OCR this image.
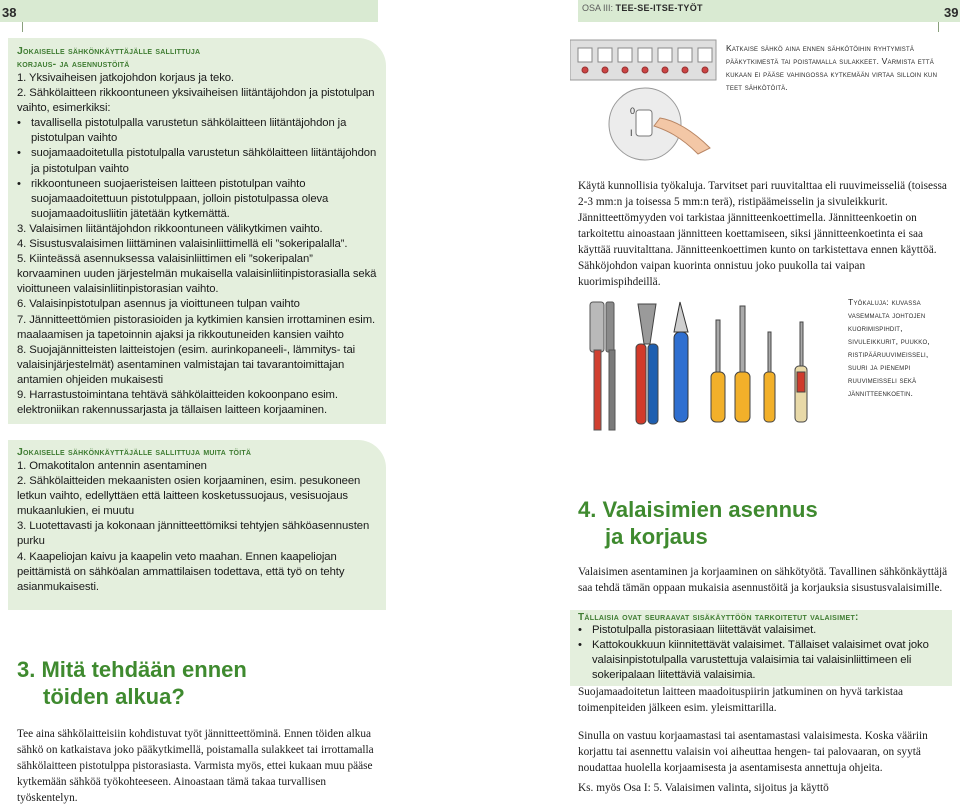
38	39
OSA III: TEE-SE-ITSE-TYÖT
Jokaiselle sähkönkäyttäjälle sallittuja
korjaus- ja asennustöitä
1. Yksivaiheisen jatkojohdon korjaus ja teko.
2. Sähkölaitteen rikkoontuneen yksivaiheisen liitäntäjohdon ja pistotulpan
vaihto, esimerkiksi:
• tavallisella pistotulpalla varustetun sähkölaitteen liitäntäjohdon ja pistotulpan vaihto
• suojamaadoitetulla pistotulpalla varustetun sähkölaitteen liitäntäjohdon ja pistotulpan vaihto
• rikkoontuneen suojaeristeisen laitteen pistotulpan vaihto suojamaadoitettuun pistotulppaan, jolloin pistotulpassa oleva suojamaadoitusliitin jätetään kytkemättä.
3. Valaisimen liitäntäjohdon rikkoontuneen välikytkimen vaihto.
4. Sisustusvalaisimen liittäminen valaisinliittimellä eli ”sokeripalalla”.
5. Kiinteässä asennuksessa valaisinliittimen eli ”sokeripalan” korvaaminen uuden järjestelmän mukaisella valaisinliitinpistorasialla sekä vioittuneen valaisinliitinpistorasian vaihto.
6. Valaisinpistotulpan asennus ja vioittuneen tulpan vaihto
7. Jännitteettömien pistorasioiden ja kytkimien kansien irrottaminen esim. maalaamisen ja tapetoinnin ajaksi ja rikkoutuneiden kansien vaihto
8. Suojajännitteisten laitteistojen (esim. aurinkopaneeli-, lämmitys- tai valaisinjärjestelmät) asentaminen valmistajan tai tavarantoimittajan antamien ohjeiden mukaisesti
9. Harrastustoimintana tehtävä sähkölaitteiden kokoonpano esim. elektroniikan rakennussarjasta ja tällaisen laitteen korjaaminen.
Jokaiselle sähkönkäyttäjälle sallittuja muita töitä
1. Omakotitalon antennin asentaminen
2. Sähkölaitteiden mekaanisten osien korjaaminen, esim. pesukoneen letkun vaihto, edellyttäen että laitteen kosketussuojaus, vesisuojaus mukaanlukien, ei muutu
3. Luotettavasti ja kokonaan jännitteettömiksi tehtyjen sähköasennusten purku
4. Kaapeliojan kaivu ja kaapelin veto maahan. Ennen kaapeliojan peittämistä on sähköalan ammattilaisen todettava, että työ on tehty asianmukaisesti.
3. Mitä tehdään ennen
töiden alkua?
Tee aina sähkölaitteisiin kohdistuvat työt jännitteettöminä. Ennen töiden alkua sähkö on katkaistava joko pääkytkimellä, poistamalla sulakkeet tai irrottamalla sähkölaitteen pistotulppa pistorasiasta. Varmista myös, ettei kukaan muu pääse kytkemään sähköä työkohteeseen. Ainoastaan tämä takaa turvallisen työskentelyn.
0
I
Katkaise sähkö aina ennen sähkötöihin ryhtymistä pääkytkimestä tai poistamalla sulakkeet. Varmista että kukaan ei pääse vahingossa kytkemään virtaa silloin kun teet sähkötöitä.
Käytä kunnollisia työkaluja. Tarvitset pari ruuvitalttaa eli ruuvimeisseliä (toisessa 2-3 mm:n ja toisessa 5 mm:n terä), ristipäämeisselin ja sivuleikkurit. Jännitteettömyyden voi tarkistaa jännitteenkoettimella. Jännitteenkoetin on tarkoitettu ainoastaan jännitteen koettamiseen, siksi jännitteenkoetinta ei saa käyttää ruuvitalttana. Jännitteenkoettimen kunto on tarkistettava ennen käyttöä. Sähköjohdon vaipan kuorinta onnistuu joko puukolla tai vaipan kuorimispihdeillä.
Työkaluja: kuvassa vasemmalta johtojen kuorimispihdit, sivuleikkurit, puukko, ristipääruuvimeisseli, suuri ja pienempi ruuvimeisseli sekä jännitteenkoetin.
4. Valaisimien asennus
ja korjaus
Valaisimen asentaminen ja korjaaminen on sähkötyötä. Tavallinen sähkönkäyttäjä saa tehdä tämän oppaan mukaisia asennustöitä ja korjauksia sisustusvalaisimille.
Tällaisia ovat seuraavat sisäkäyttöön tarkoitetut valaisimet:
• Pistotulpalla pistorasiaan liitettävät valaisimet.
• Kattokoukkuun kiinnitettävät valaisimet. Tällaiset valaisimet ovat joko valaisinpistotulpalla varustettuja valaisimia tai valaisinliittimeen eli sokeripalaan liitettäviä valaisimia.
Suojamaadoitetun laitteen maadoituspiirin jatkuminen on hyvä tarkistaa toimenpiteiden jälkeen esim. yleismittarilla.
Sinulla on vastuu korjaamastasi tai asentamastasi valaisimesta. Koska vääriin korjattu tai asennettu valaisin voi aiheuttaa hengen- tai palovaaran, on syytä noudattaa huolella korjaamisesta ja asentamisesta annettuja ohjeita.
Ks. myös Osa I: 5. Valaisimen valinta, sijoitus ja käyttö
